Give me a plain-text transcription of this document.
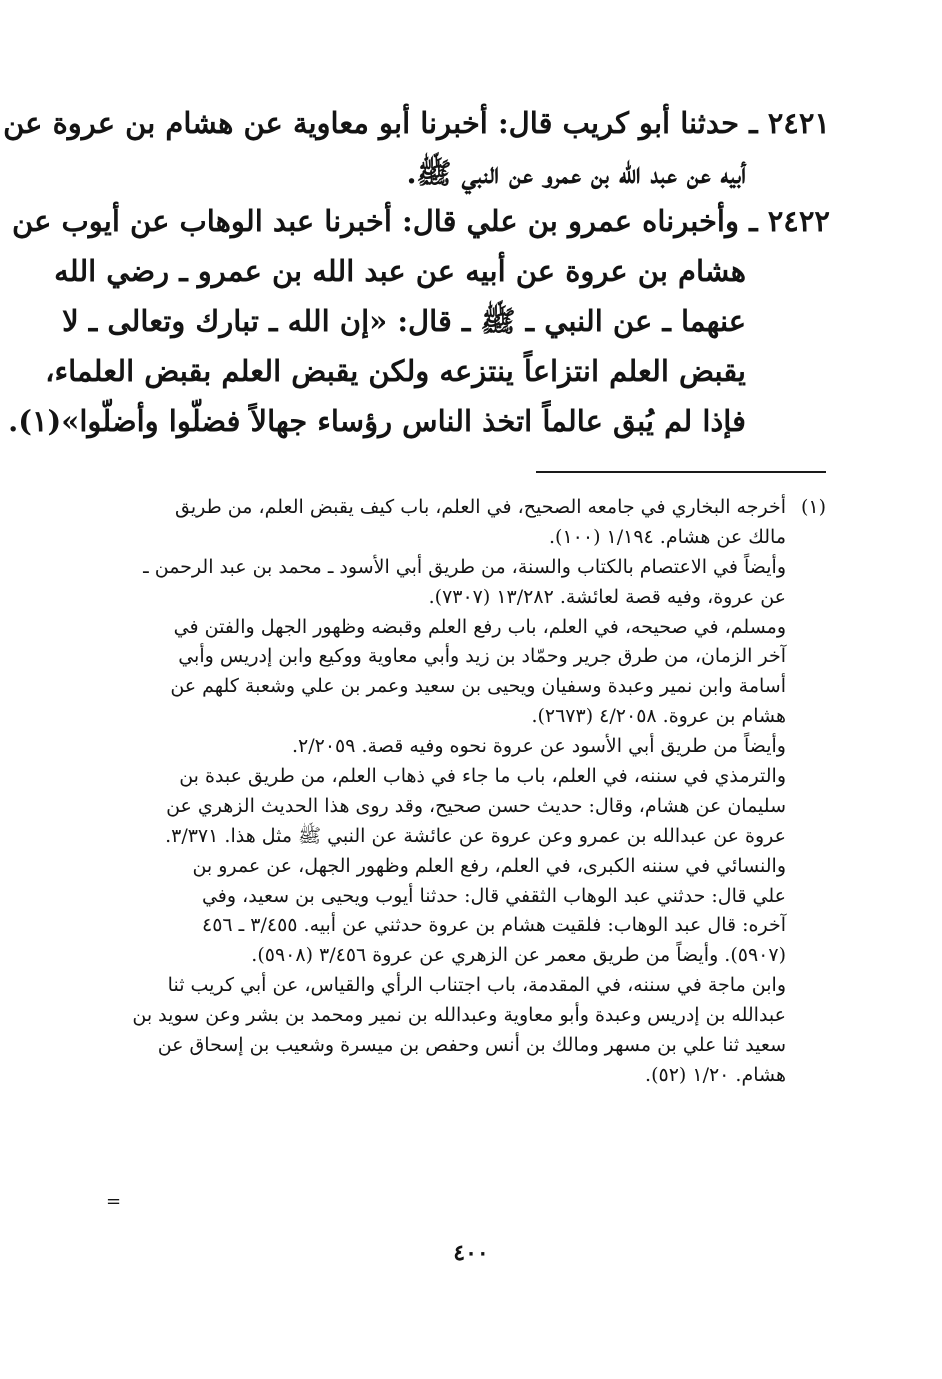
٢٤٢١ ـ حدثنا أبو كريب قال: أخبرنا أبو معاوية عن هشام بن عروة عن
أبيه عن عبد الله بن عمرو عن النبي ﷺ.
٢٤٢٢ ـ وأخبرناه عمرو بن علي قال: أخبرنا عبد الوهاب عن أيوب عن
هشام بن عروة عن أبيه عن عبد الله بن عمرو ـ رضي الله
عنهما ـ عن النبي ـ ﷺ ـ قال: «إن الله ـ تبارك وتعالى ـ لا
يقبض العلم انتزاعاً ينتزعه ولكن يقبض العلم بقبض العلماء،
فإذا لم يُبق عالماً اتخذ الناس رؤساء جهالاً فضلّوا وأضلّوا»(١).
(١)أخرجه البخاري في جامعه الصحيح، في العلم، باب كيف يقبض العلم، من طريق
مالك عن هشام. ١/١٩٤ (١٠٠).
وأيضاً في الاعتصام بالكتاب والسنة، من طريق أبي الأسود ـ محمد بن عبد الرحمن ـ
عن عروة، وفيه قصة لعائشة. ١٣/٢٨٢ (٧٣٠٧).
ومسلم، في صحيحه، في العلم، باب رفع العلم وقبضه وظهور الجهل والفتن في
آخر الزمان، من طرق جرير وحمّاد بن زيد وأبي معاوية ووكيع وابن إدريس وأبي
أسامة وابن نمير وعبدة وسفيان ويحيى بن سعيد وعمر بن علي وشعبة كلهم عن
هشام بن عروة. ٤/٢٠٥٨ (٢٦٧٣).
وأيضاً من طريق أبي الأسود عن عروة نحوه وفيه قصة. ٢/٢٠٥٩.
والترمذي في سننه، في العلم، باب ما جاء في ذهاب العلم، من طريق عبدة بن
سليمان عن هشام، وقال: حديث حسن صحيح، وقد روى هذا الحديث الزهري عن
عروة عن عبدالله بن عمرو وعن عروة عن عائشة عن النبي ﷺ مثل هذا. ٣/٣٧١.
والنسائي في سننه الكبرى، في العلم، رفع العلم وظهور الجهل، عن عمرو بن
علي قال: حدثني عبد الوهاب الثقفي قال: حدثنا أيوب ويحيى بن سعيد، وفي
آخره: قال عبد الوهاب: فلقيت هشام بن عروة حدثني عن أبيه. ٣/٤٥٥ ـ ٤٥٦
(٥٩٠٧). وأيضاً من طريق معمر عن الزهري عن عروة ٣/٤٥٦ (٥٩٠٨).
وابن ماجة في سننه، في المقدمة، باب اجتناب الرأي والقياس، عن أبي كريب ثنا
عبدالله بن إدريس وعبدة وأبو معاوية وعبدالله بن نمير ومحمد بن بشر وعن سويد بن
سعيد ثنا علي بن مسهر ومالك بن أنس وحفص بن ميسرة وشعيب بن إسحاق عن
هشام. ١/٢٠ (٥٢).
=
٤٠٠
